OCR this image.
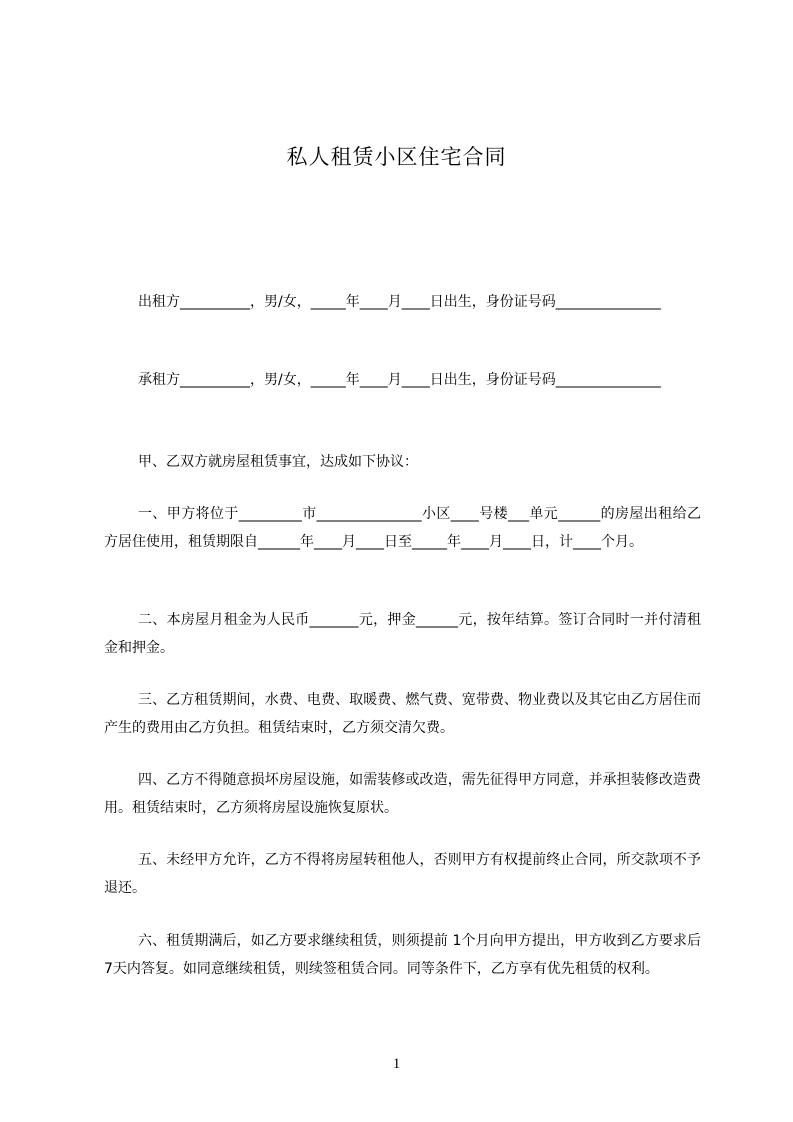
私人租赁小区住宅合同
出租方__________，男/女，_____年____月____日出生，身份证号码_______________
承租方__________，男/女，_____年____月____日出生，身份证号码_______________
甲、乙双方就房屋租赁事宜，达成如下协议：
一、甲方将位于_________市_______________小区____号楼___单元______的房屋出租给乙方居住使用，租赁期限自______年____月____日至_____年____月____日，计____个月。
二、本房屋月租金为人民币_______元，押金______元，按年结算。签订合同时一并付清租金和押金。
三、乙方租赁期间，水费、电费、取暖费、燃气费、宽带费、物业费以及其它由乙方居住而产生的费用由乙方负担。租赁结束时，乙方须交清欠费。
四、乙方不得随意损坏房屋设施，如需装修或改造，需先征得甲方同意，并承担装修改造费用。租赁结束时，乙方须将房屋设施恢复原状。
五、未经甲方允许，乙方不得将房屋转租他人，否则甲方有权提前终止合同，所交款项不予退还。
六、租赁期满后，如乙方要求继续租赁，则须提前 1个月向甲方提出，甲方收到乙方要求后7天内答复。如同意继续租赁，则续签租赁合同。同等条件下，乙方享有优先租赁的权利。
1
